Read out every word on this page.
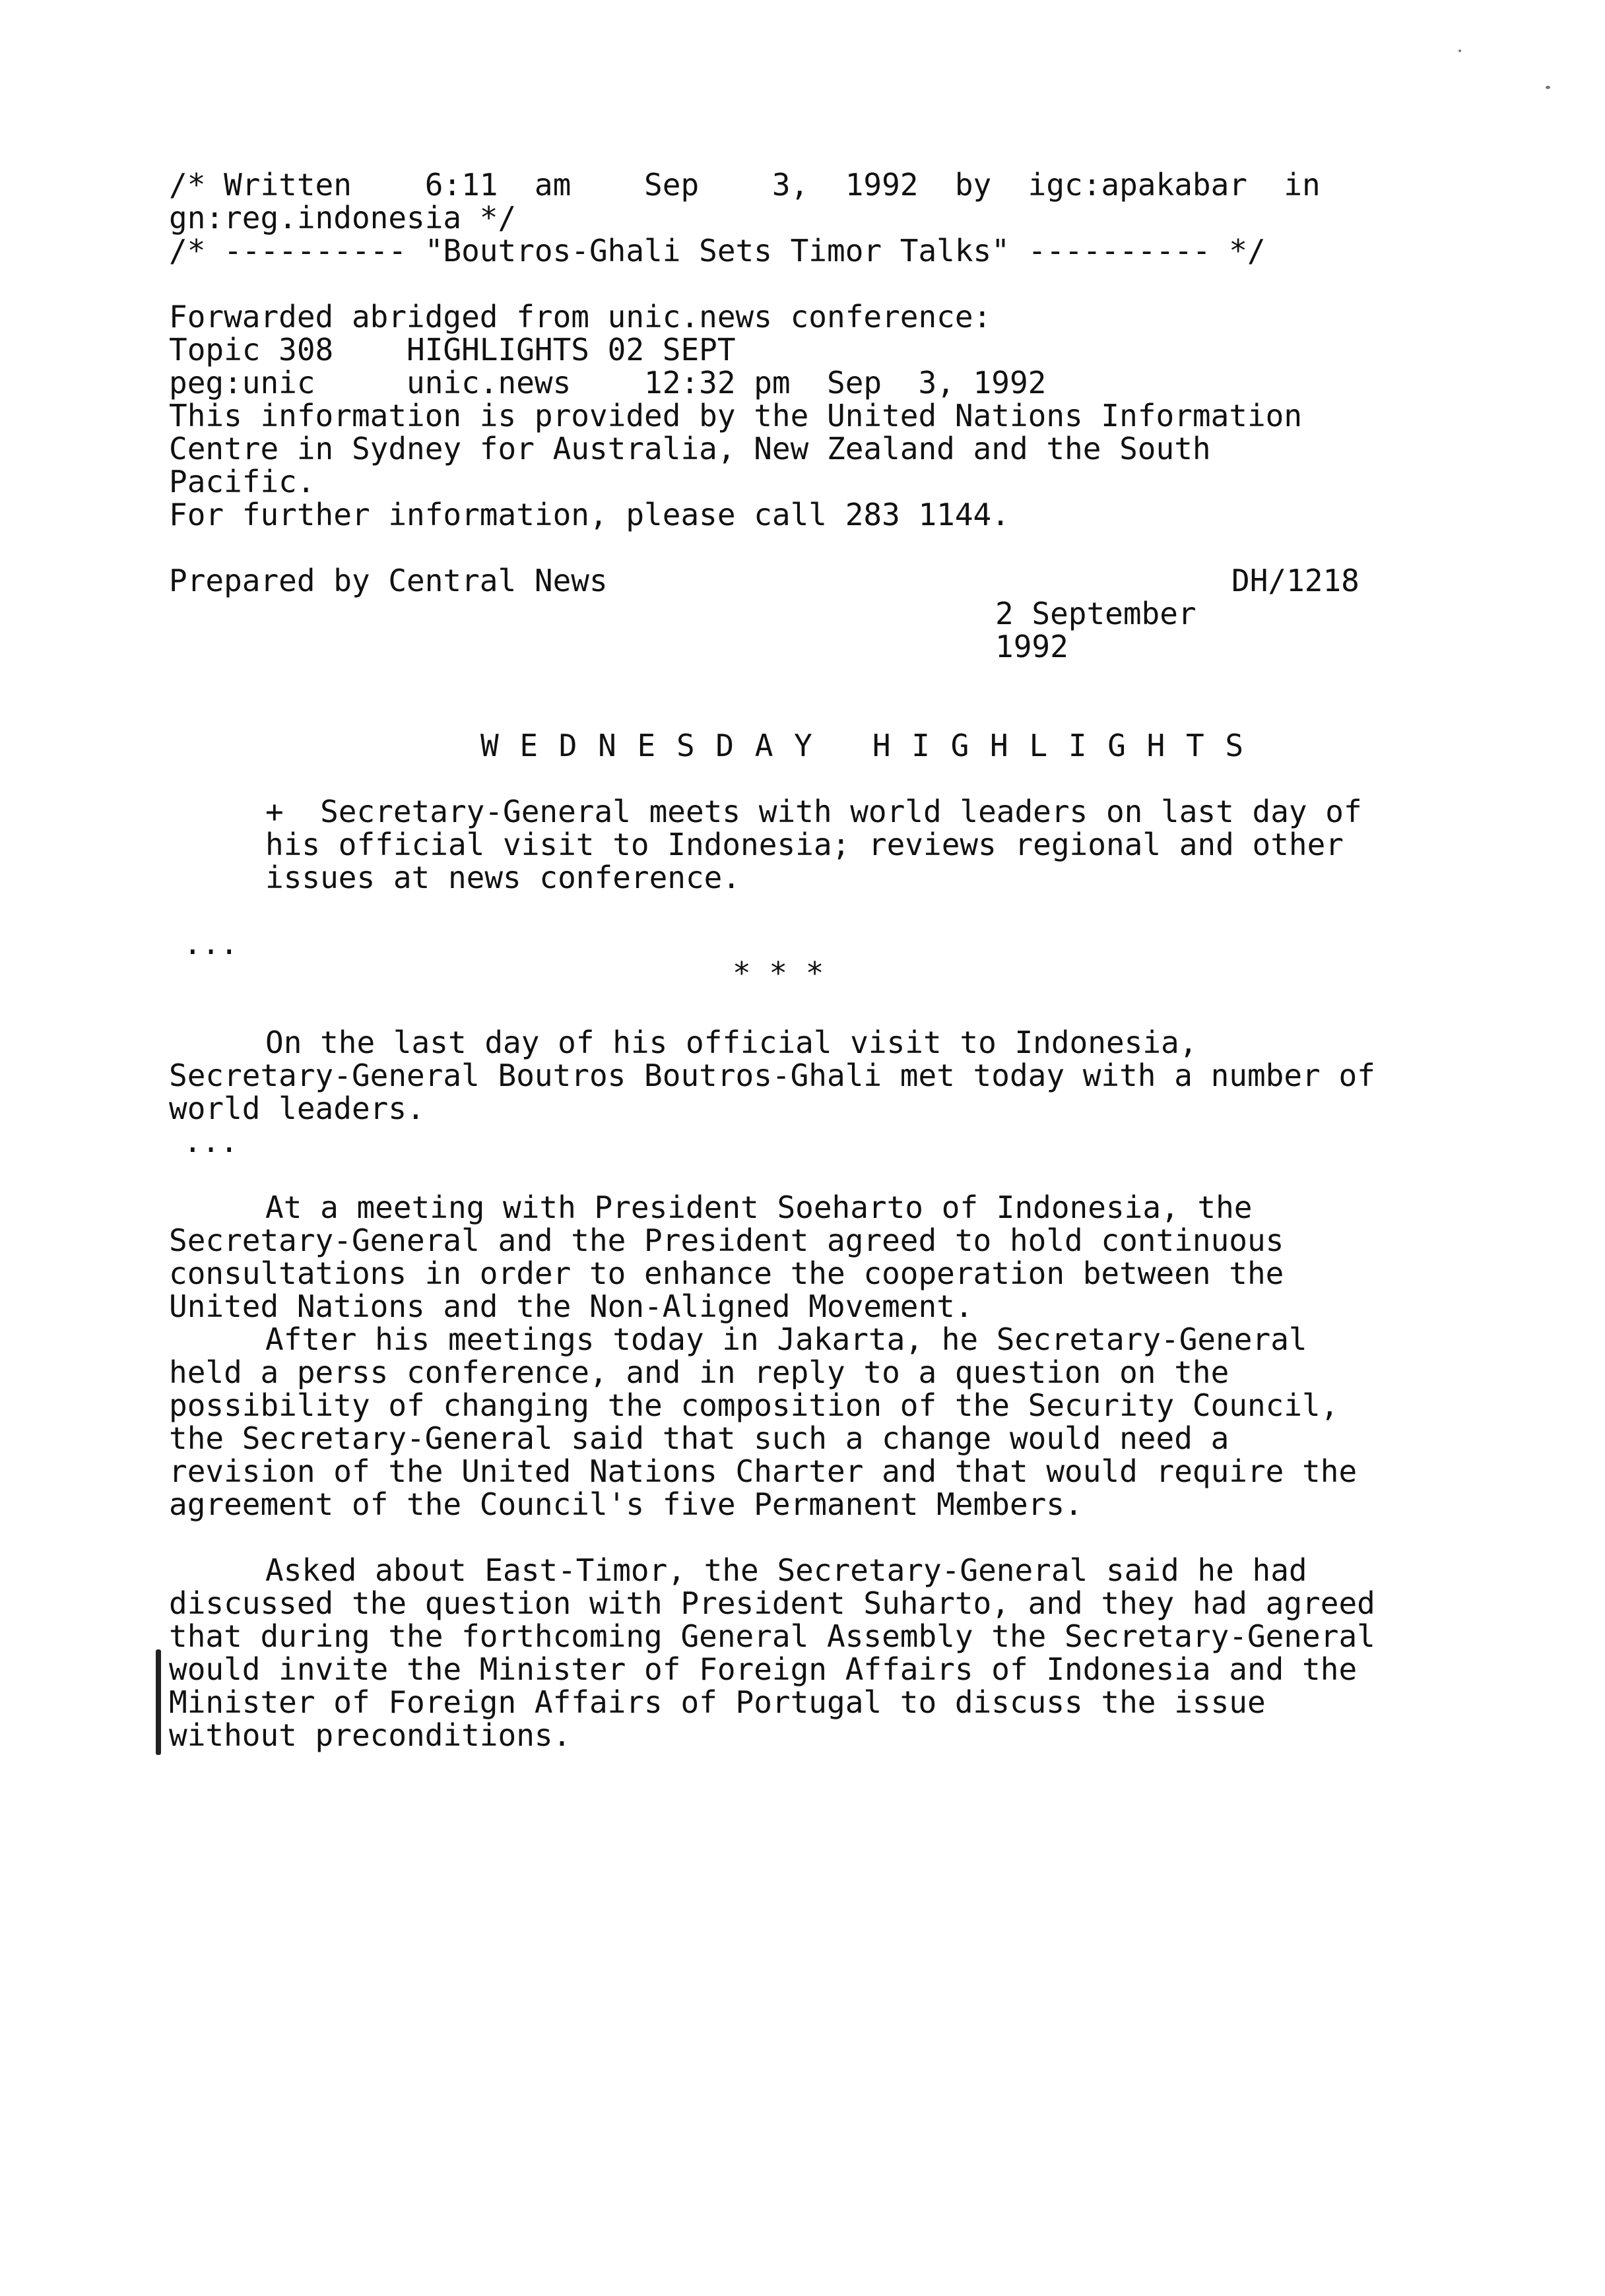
/* Written    6:11  am    Sep    3,  1992  by  igc:apakabar  in
gn:reg.indonesia */
/* ---------- "Boutros-Ghali Sets Timor Talks" ---------- */
Forwarded abridged from unic.news conference:
Topic 308    HIGHLIGHTS 02 SEPT
peg:unic     unic.news    12:32 pm  Sep  3, 1992
This information is provided by the United Nations Information
Centre in Sydney for Australia, New Zealand and the South
Pacific.
For further information, please call 283 1144.
Prepared by Central News	DH/1218
2 September
1992
W E D N E S D A Y   H I G H L I G H T S
+  Secretary-General meets with world leaders on last day of
his official visit to Indonesia; reviews regional and other
issues at news conference.
...
* * *
On the last day of his official visit to Indonesia,
Secretary-General Boutros Boutros-Ghali met today with a number of
world leaders.
...
At a meeting with President Soeharto of Indonesia, the
Secretary-General and the President agreed to hold continuous
consultations in order to enhance the cooperation between the
United Nations and the Non-Aligned Movement.
After his meetings today in Jakarta, he Secretary-General
held a perss conference, and in reply to a question on the
possibility of changing the composition of the Security Council,
the Secretary-General said that such a change would need a
revision of the United Nations Charter and that would require the
agreement of the Council's five Permanent Members.
Asked about East-Timor, the Secretary-General said he had
discussed the question with President Suharto, and they had agreed
that during the forthcoming General Assembly the Secretary-General
would invite the Minister of Foreign Affairs of Indonesia and the
Minister of Foreign Affairs of Portugal to discuss the issue
without preconditions.
